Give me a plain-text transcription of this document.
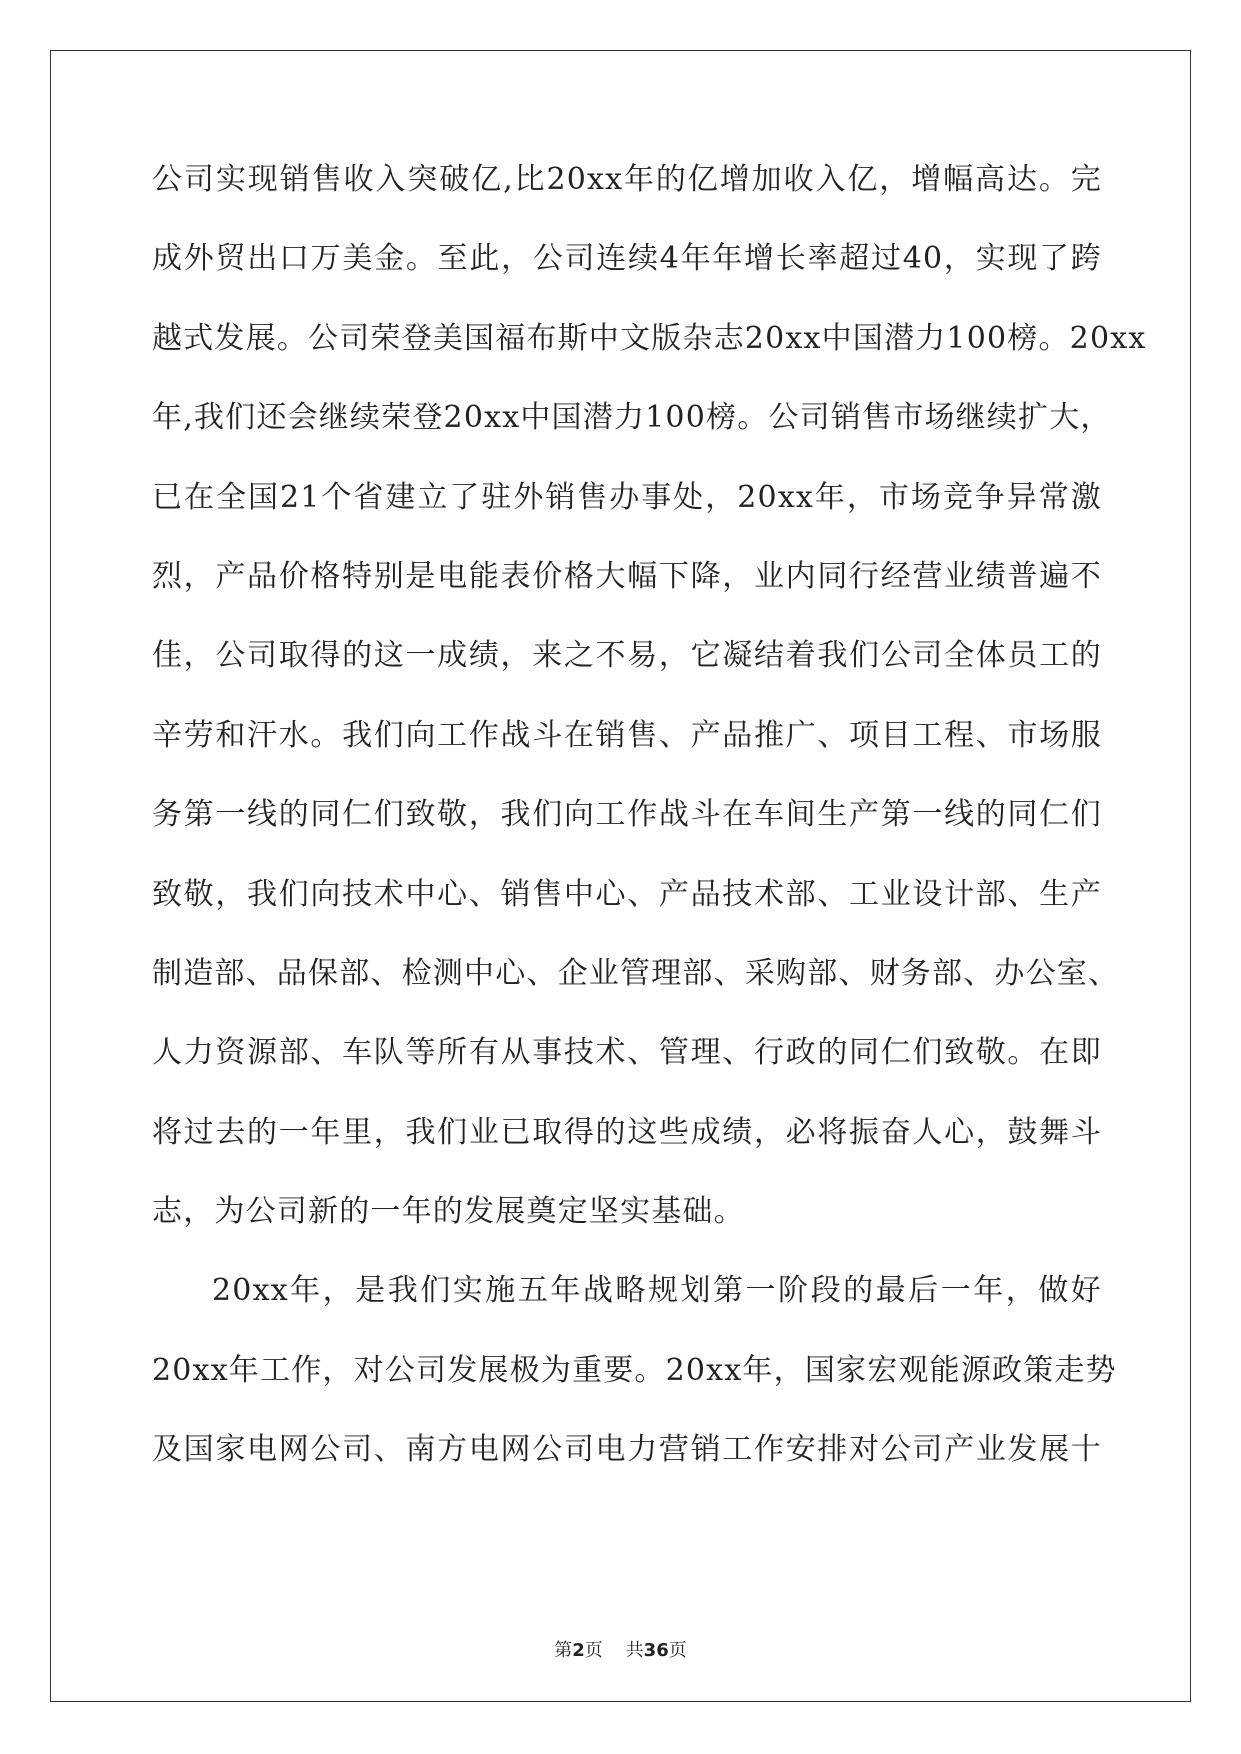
公司实现销售收入突破亿,比20xx年的亿增加收入亿，增幅高达。完
成外贸出口万美金。至此，公司连续4年年增长率超过40，实现了跨
越式发展。公司荣登美国福布斯中文版杂志20xx中国潜力100榜。20xx
年,我们还会继续荣登20xx中国潜力100榜。公司销售市场继续扩大，
已在全国21个省建立了驻外销售办事处，20xx年，市场竞争异常激
烈，产品价格特别是电能表价格大幅下降，业内同行经营业绩普遍不
佳，公司取得的这一成绩，来之不易，它凝结着我们公司全体员工的
辛劳和汗水。我们向工作战斗在销售、产品推广、项目工程、市场服
务第一线的同仁们致敬，我们向工作战斗在车间生产第一线的同仁们
致敬，我们向技术中心、销售中心、产品技术部、工业设计部、生产
制造部、品保部、检测中心、企业管理部、采购部、财务部、办公室、
人力资源部、车队等所有从事技术、管理、行政的同仁们致敬。在即
将过去的一年里，我们业已取得的这些成绩，必将振奋人心，鼓舞斗
志，为公司新的一年的发展奠定坚实基础。
20xx年，是我们实施五年战略规划第一阶段的最后一年，做好
20xx年工作，对公司发展极为重要。20xx年，国家宏观能源政策走势
及国家电网公司、南方电网公司电力营销工作安排对公司产业发展十
第2页 共36页
